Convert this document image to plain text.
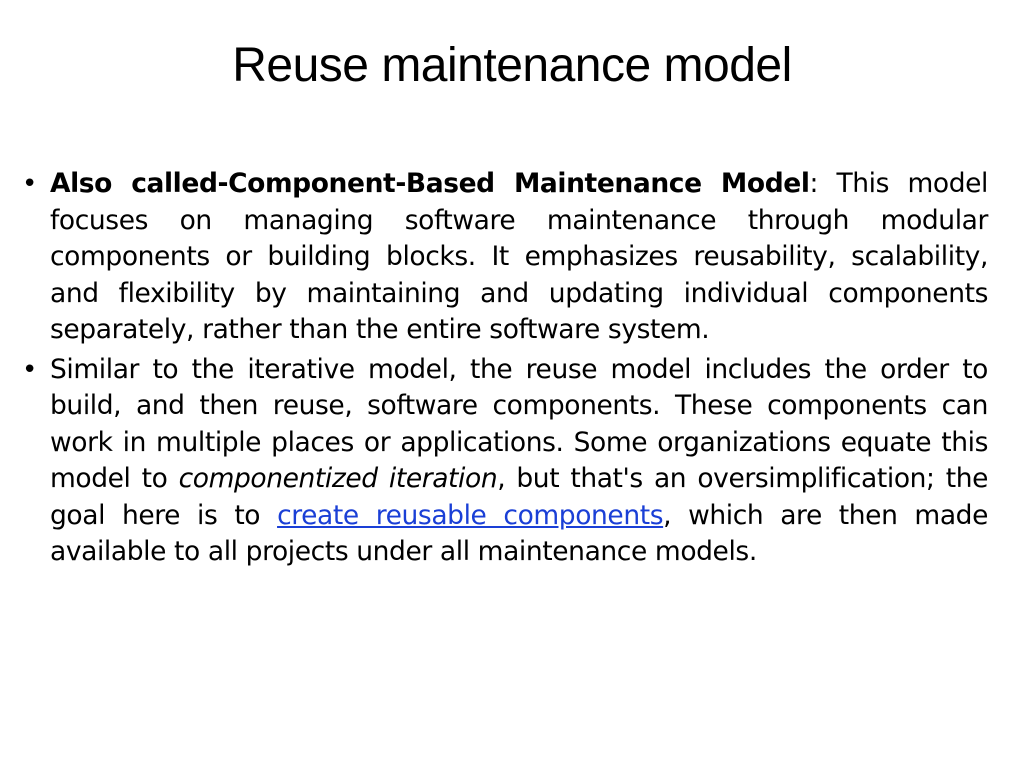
Reuse maintenance model
• Also called-Component-Based Maintenance Model: This model focuses on managing software maintenance through modular components or building blocks. It emphasizes reusability, scalability, and flexibility by maintaining and updating individual components separately, rather than the entire software system.
• Similar to the iterative model, the reuse model includes the order to build, and then reuse, software components. These components can work in multiple places or applications. Some organizations equate this model to componentized iteration, but that's an oversimplification; the goal here is to create reusable components, which are then made available to all projects under all maintenance models.
